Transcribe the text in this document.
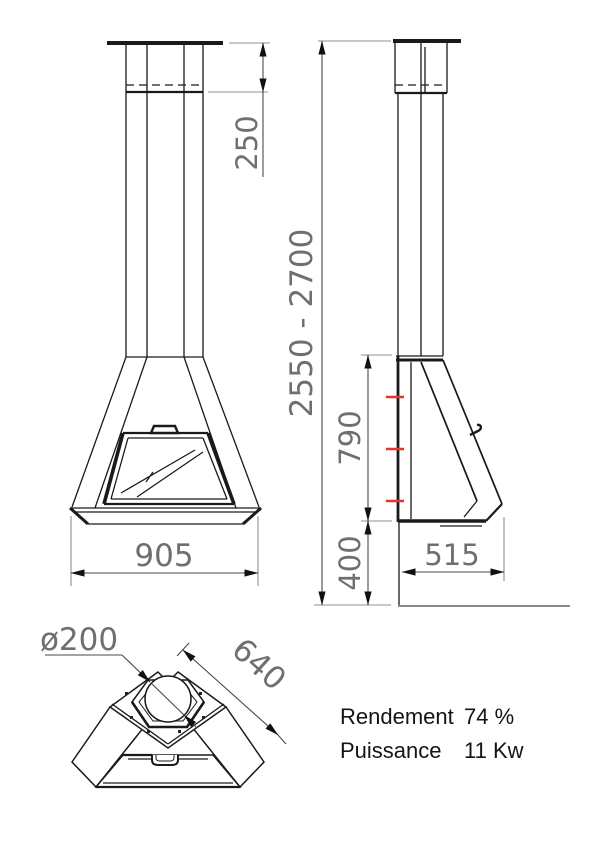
250
905
2550 - 2700
790
400 515
ø200	640
Rendement 74 %
Puissance 11 Kw
